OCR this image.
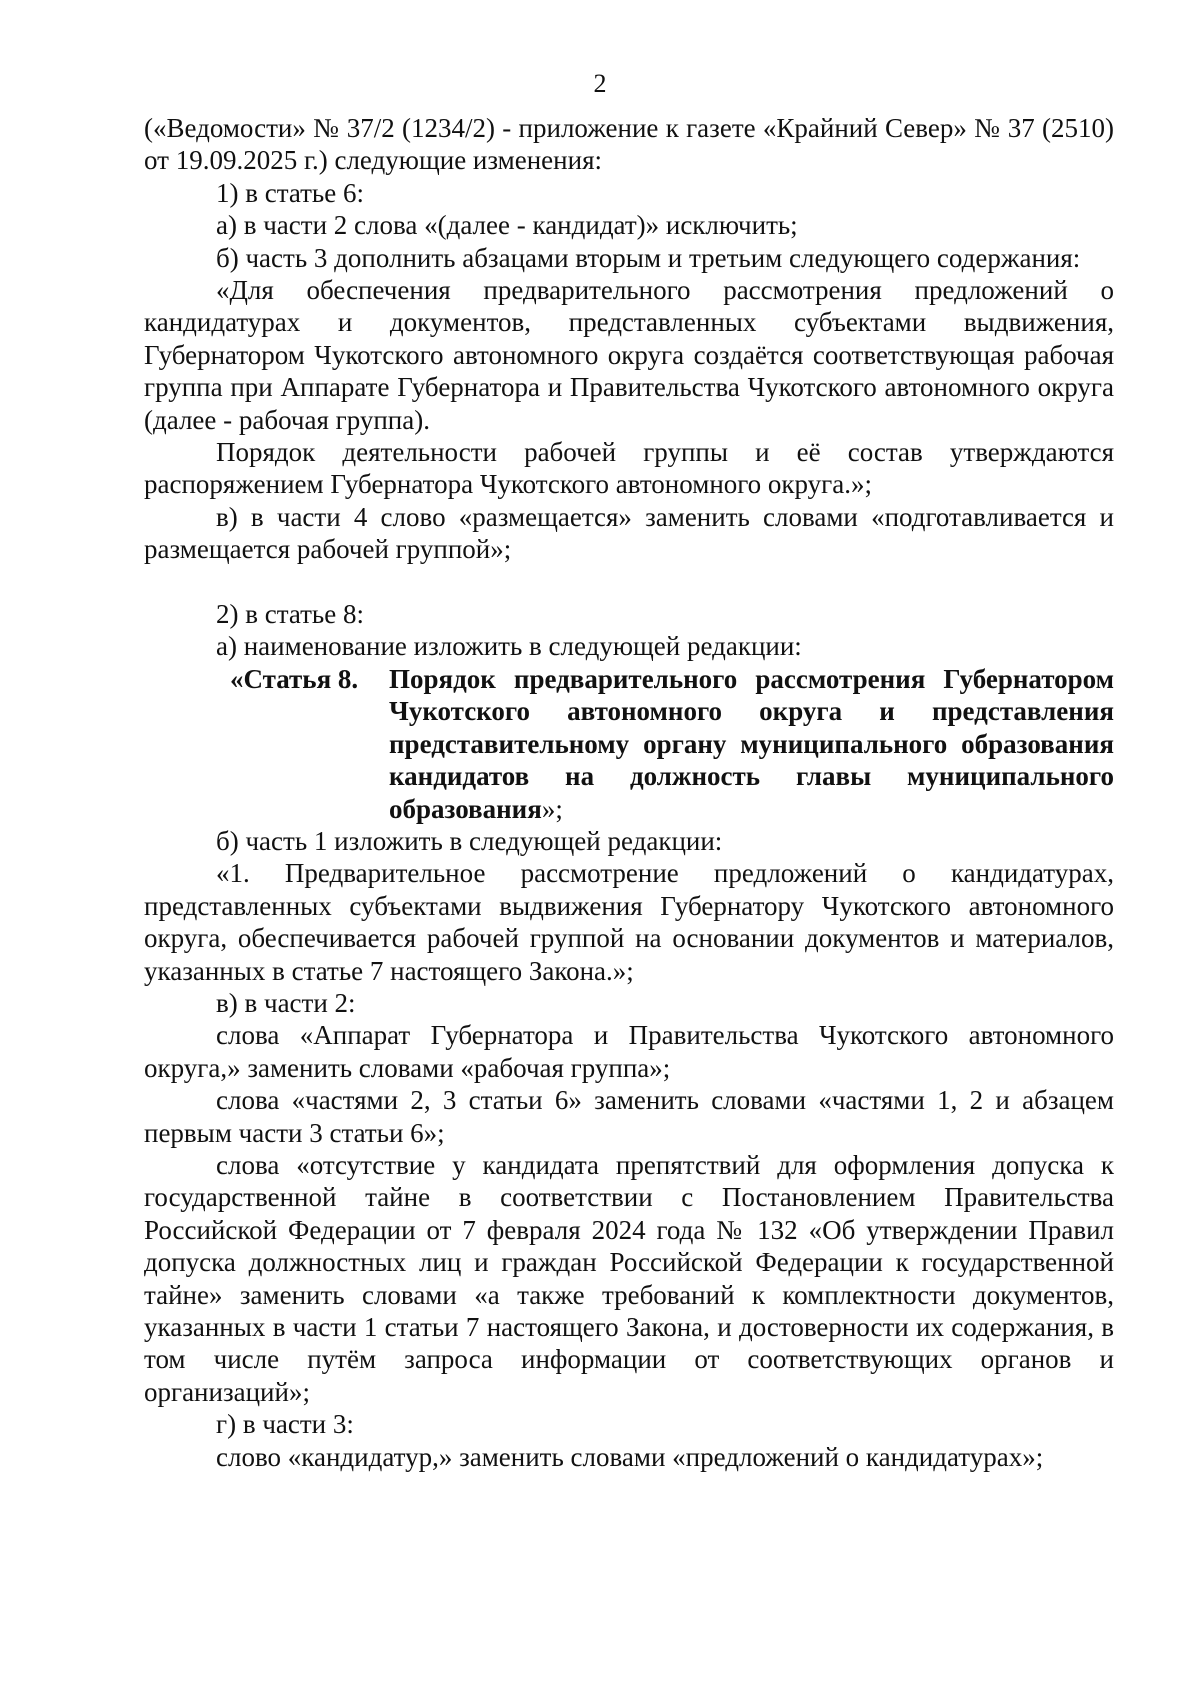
2

(«Ведомости» № 37/2 (1234/2) - приложение к газете «Крайний Север» № 37 (2510) от 19.09.2025 г.) следующие изменения:

1) в статье 6:

а) в части 2 слова «(далее - кандидат)» исключить;

б) часть 3 дополнить абзацами вторым и третьим следующего содержания:

«Для обеспечения предварительного рассмотрения предложений о кандидатурах и документов, представленных субъектами выдвижения, Губернатором Чукотского автономного округа создаётся соответствующая рабочая группа при Аппарате Губернатора и Правительства Чукотского автономного округа (далее - рабочая группа).

Порядок деятельности рабочей группы и её состав утверждаются распоряжением Губернатора Чукотского автономного округа.»;

в) в части 4 слово «размещается» заменить словами «подготавливается и размещается рабочей группой»;

2) в статье 8:

а) наименование изложить в следующей редакции:

«Статья 8.	Порядок предварительного рассмотрения Губернатором Чукотского автономного округа и представления представительному органу муниципального образования кандидатов на должность главы муниципального образования»;

б) часть 1 изложить в следующей редакции:

«1. Предварительное рассмотрение предложений о кандидатурах, представленных субъектами выдвижения Губернатору Чукотского автономного округа, обеспечивается рабочей группой на основании документов и материалов, указанных в статье 7 настоящего Закона.»;

в) в части 2:

слова «Аппарат Губернатора и Правительства Чукотского автономного округа,» заменить словами «рабочая группа»;

слова «частями 2, 3 статьи 6» заменить словами «частями 1, 2 и абзацем первым части 3 статьи 6»;

слова «отсутствие у кандидата препятствий для оформления допуска к государственной тайне в соответствии с Постановлением Правительства Российской Федерации от 7 февраля 2024 года № 132 «Об утверждении Правил допуска должностных лиц и граждан Российской Федерации к государственной тайне» заменить словами «а также требований к комплектности документов, указанных в части 1 статьи 7 настоящего Закона, и достоверности их содержания, в том числе путём запроса информации от соответствующих органов и организаций»;

г) в части 3:

слово «кандидатур,» заменить словами «предложений о кандидатурах»;
